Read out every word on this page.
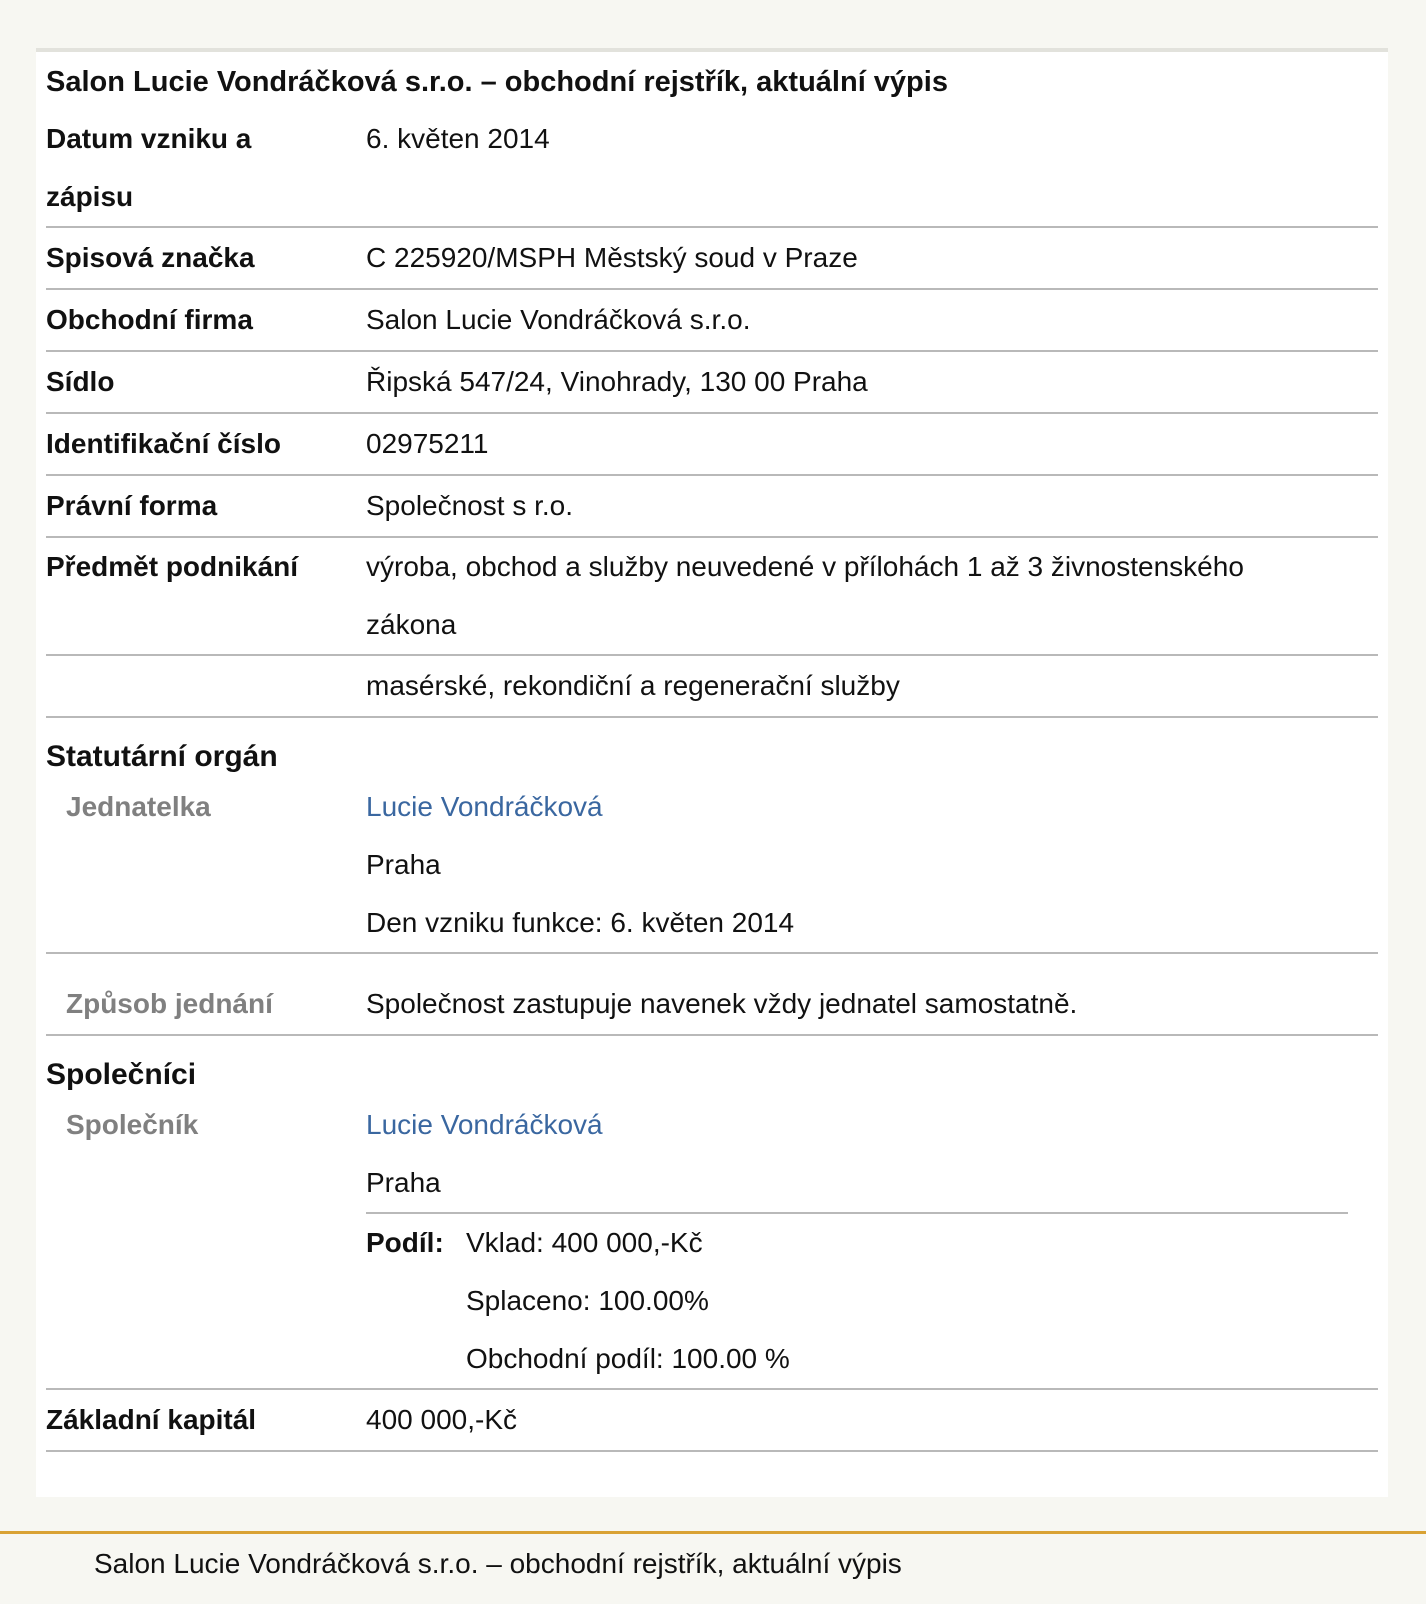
Salon Lucie Vondráčková s.r.o. – obchodní rejstřík, aktuální výpis
Datum vzniku a
zápisu
6. květen 2014
Spisová značka	C 225920/MSPH Městský soud v Praze
Obchodní firma	Salon Lucie Vondráčková s.r.o.
Sídlo	Řipská 547/24, Vinohrady, 130 00 Praha
Identifikační číslo	02975211
Právní forma	Společnost s r.o.
Předmět podnikání	výroba, obchod a služby neuvedené v přílohách 1 až 3 živnostenského
zákona
masérské, rekondiční a regenerační služby
Statutární orgán
Jednatelka	Lucie Vondráčková
Praha
Den vzniku funkce: 6. květen 2014
Způsob jednání	Společnost zastupuje navenek vždy jednatel samostatně.
Společníci
Společník	Lucie Vondráčková
Praha
Podíl: Vklad: 400 000,-Kč
Splaceno: 100.00%
Obchodní podíl: 100.00 %
Základní kapitál	400 000,-Kč
Salon Lucie Vondráčková s.r.o. – obchodní rejstřík, aktuální výpis
